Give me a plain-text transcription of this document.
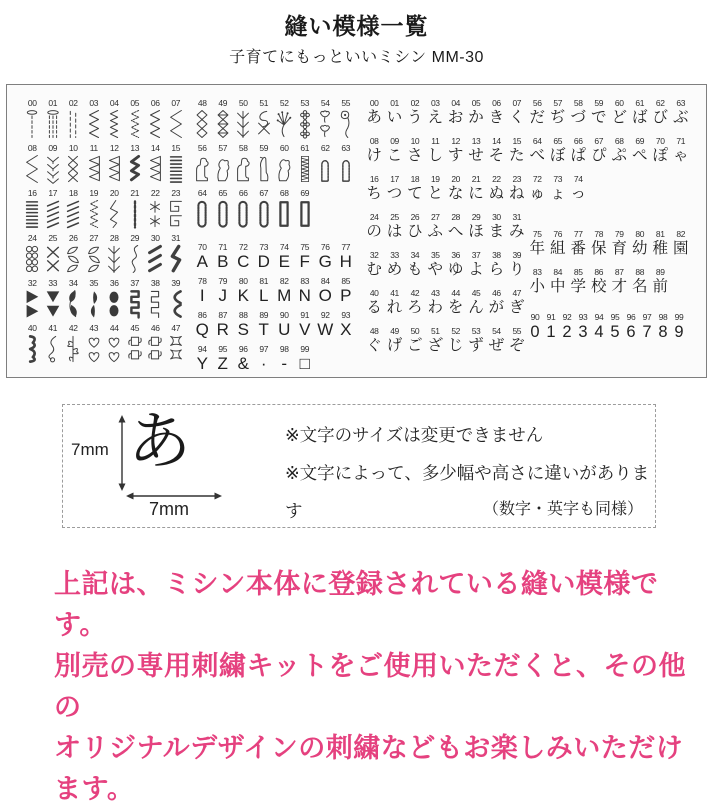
縫い模様一覧
子育てにもっといいミシン MM-30
00 01 02 03 04 05 06 07
08 09 10 11 12 13 14 15
16 17 18 19 20 21 22 23
24 25 26 27 28 29 30 31
32 33 34 35 36 37 38 39
40 41 42 43 44 45 46 47
48 49 50 51 52 53 54 55
56 57 58 59 60 61 62 63
64 65 66 67 68 69
70
A
71
B
72
C
73
D
74
E
75
F
76
G
77
H
78
I
79
J
80
K
81
L
82
M
83
N
84
O
85
P
86
Q
87
R
88
S
89
T
90
U
91
V
92
W
93
X
94
Y
95
Z
96
&
97
·
98
-
99
□
00
あ
01
い
02
う
03
え
04
お
05
か
06
き
07
く
08
け
09
こ
10
さ
11
し
12
す
13
せ
14
そ
15
た
16
ち
17
つ
18
て
19
と
20
な
21
に
22
ぬ
23
ね
24
の
25
は
26
ひ
27
ふ
28
へ
29
ほ
30
ま
31
み
32
む
33
め
34
も
35
や
36
ゆ
37
よ
38
ら
39
り
40
る
41
れ
42
ろ
43
わ
44
を
45
ん
46
が
47
ぎ
48
ぐ
49
げ
50
ご
51
ざ
52
じ
53
ず
54
ぜ
55
ぞ
56
だ
57
ぢ
58
づ
59
で
60
ど
61
ば
62
び
63
ぶ
64
べ
65
ぼ
66
ぱ
67
ぴ
68
ぷ
69
ぺ
70
ぽ
71
ゃ
72
ゅ
73
ょ
74
っ
75
年
76
組
77
番
78
保
79
育
80
幼
81
稚
82
園
83
小
84
中
85
学
86
校
87
才
88
名
89
前
90
0
91
1
92
2
93
3
94
4
95
5
96
6
97
7
98
8
99
9
7mm あ
7mm
※文字のサイズは変更できません
※文字によって、多少幅や高さに違いがあります	（数字・英字も同様）
上記は、ミシン本体に登録されている縫い模様です。
別売の専用刺繍キットをご使用いただくと、その他の
オリジナルデザインの刺繍などもお楽しみいただけます。
